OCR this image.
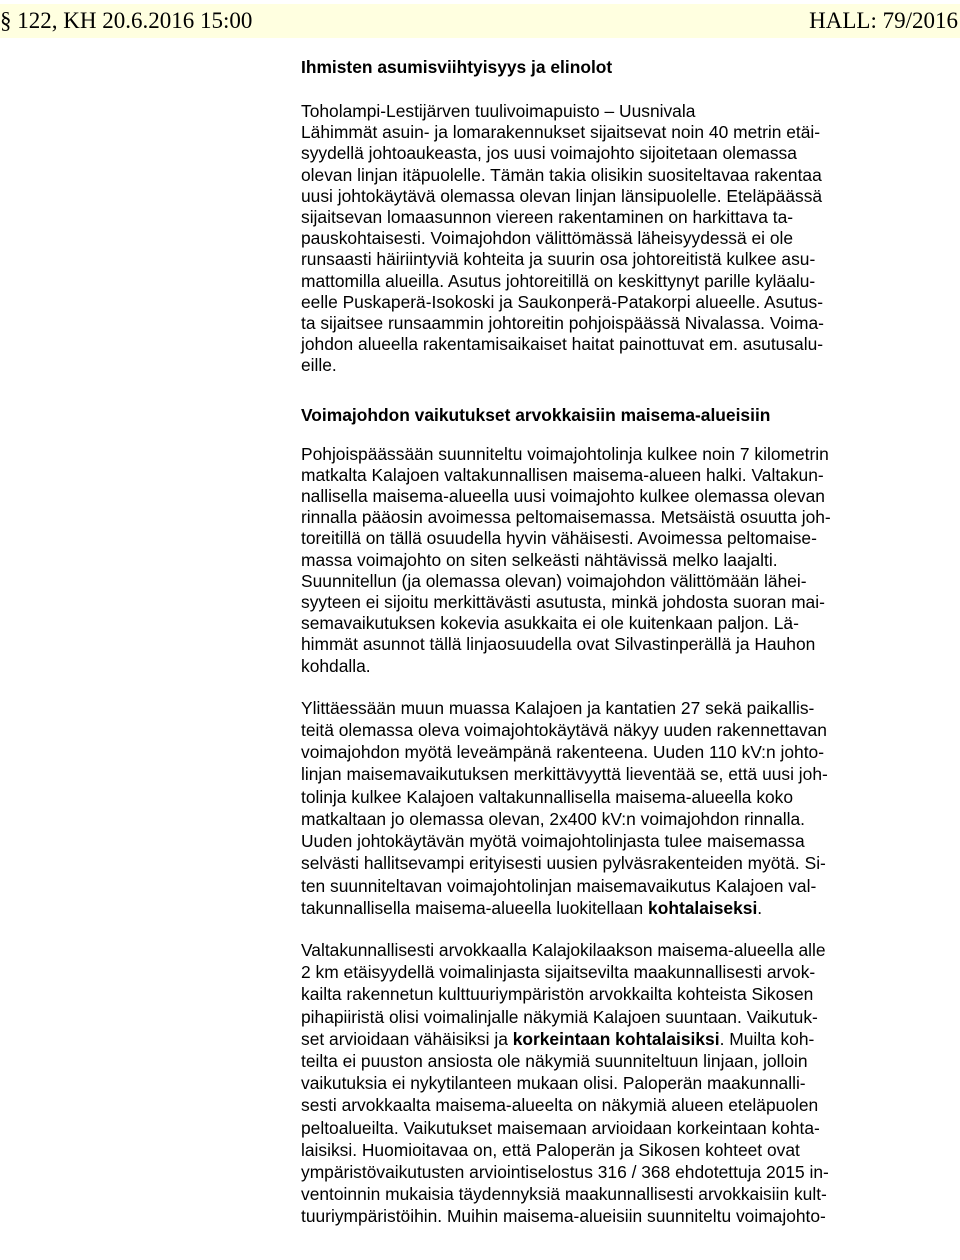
§ 122, KH 20.6.2016 15:00	HALL: 79/2016
Ihmisten asumisviihtyisyys ja elinolot
Toholampi-Lestijärven tuulivoimapuisto – Uusnivala
Lähimmät asuin- ja lomarakennukset sijaitsevat noin 40 metrin etäi-
syydellä johtoaukeasta, jos uusi voimajohto sijoitetaan olemassa
olevan linjan itäpuolelle. Tämän takia olisikin suositeltavaa rakentaa
uusi johtokäytävä olemassa olevan linjan länsipuolelle. Eteläpäässä
sijaitsevan lomaasunnon viereen rakentaminen on harkittava ta-
pauskohtaisesti. Voimajohdon välittömässä läheisyydessä ei ole
runsaasti häiriintyviä kohteita ja suurin osa johtoreitistä kulkee asu-
mattomilla alueilla. Asutus johtoreitillä on keskittynyt parille kyläalu-
eelle Puskaperä-Isokoski ja Saukonperä-Patakorpi alueelle. Asutus-
ta sijaitsee runsaammin johtoreitin pohjoispäässä Nivalassa. Voima-
johdon alueella rakentamisaikaiset haitat painottuvat em. asutusalu-
eille.
Voimajohdon vaikutukset arvokkaisiin maisema-alueisiin
Pohjoispäässään suunniteltu voimajohtolinja kulkee noin 7 kilometrin
matkalta Kalajoen valtakunnallisen maisema-alueen halki. Valtakun-
nallisella maisema-alueella uusi voimajohto kulkee olemassa olevan
rinnalla pääosin avoimessa peltomaisemassa. Metsäistä osuutta joh-
toreitillä on tällä osuudella hyvin vähäisesti. Avoimessa peltomaise-
massa voimajohto on siten selkeästi nähtävissä melko laajalti.
Suunnitellun (ja olemassa olevan) voimajohdon välittömään lähei-
syyteen ei sijoitu merkittävästi asutusta, minkä johdosta suoran mai-
semavaikutuksen kokevia asukkaita ei ole kuitenkaan paljon. Lä-
himmät asunnot tällä linjaosuudella ovat Silvastinperällä ja Hauhon
kohdalla.
Ylittäessään muun muassa Kalajoen ja kantatien 27 sekä paikallis-
teitä olemassa oleva voimajohtokäytävä näkyy uuden rakennettavan
voimajohdon myötä leveämpänä rakenteena. Uuden 110 kV:n johto-
linjan maisemavaikutuksen merkittävyyttä lieventää se, että uusi joh-
tolinja kulkee Kalajoen valtakunnallisella maisema-alueella koko
matkaltaan jo olemassa olevan, 2x400 kV:n voimajohdon rinnalla.
Uuden johtokäytävän myötä voimajohtolinjasta tulee maisemassa
selvästi hallitsevampi erityisesti uusien pylväsrakenteiden myötä. Si-
ten suunniteltavan voimajohtolinjan maisemavaikutus Kalajoen val-
takunnallisella maisema-alueella luokitellaan kohtalaiseksi.
Valtakunnallisesti arvokkaalla Kalajokilaakson maisema-alueella alle
2 km etäisyydellä voimalinjasta sijaitsevilta maakunnallisesti arvok-
kailta rakennetun kulttuuriympäristön arvokkailta kohteista Sikosen
pihapiiristä olisi voimalinjalle näkymiä Kalajoen suuntaan. Vaikutuk-
set arvioidaan vähäisiksi ja korkeintaan kohtalaisiksi. Muilta koh-
teilta ei puuston ansiosta ole näkymiä suunniteltuun linjaan, jolloin
vaikutuksia ei nykytilanteen mukaan olisi. Paloperän maakunnalli-
sesti arvokkaalta maisema-alueelta on näkymiä alueen eteläpuolen
peltoalueilta. Vaikutukset maisemaan arvioidaan korkeintaan kohta-
laisiksi. Huomioitavaa on, että Paloperän ja Sikosen kohteet ovat
ympäristövaikutusten arviointiselostus 316 / 368 ehdotettuja 2015 in-
ventoinnin mukaisia täydennyksiä maakunnallisesti arvokkaisiin kult-
tuuriympäristöihin. Muihin maisema-alueisiin suunniteltu voimajohto-
